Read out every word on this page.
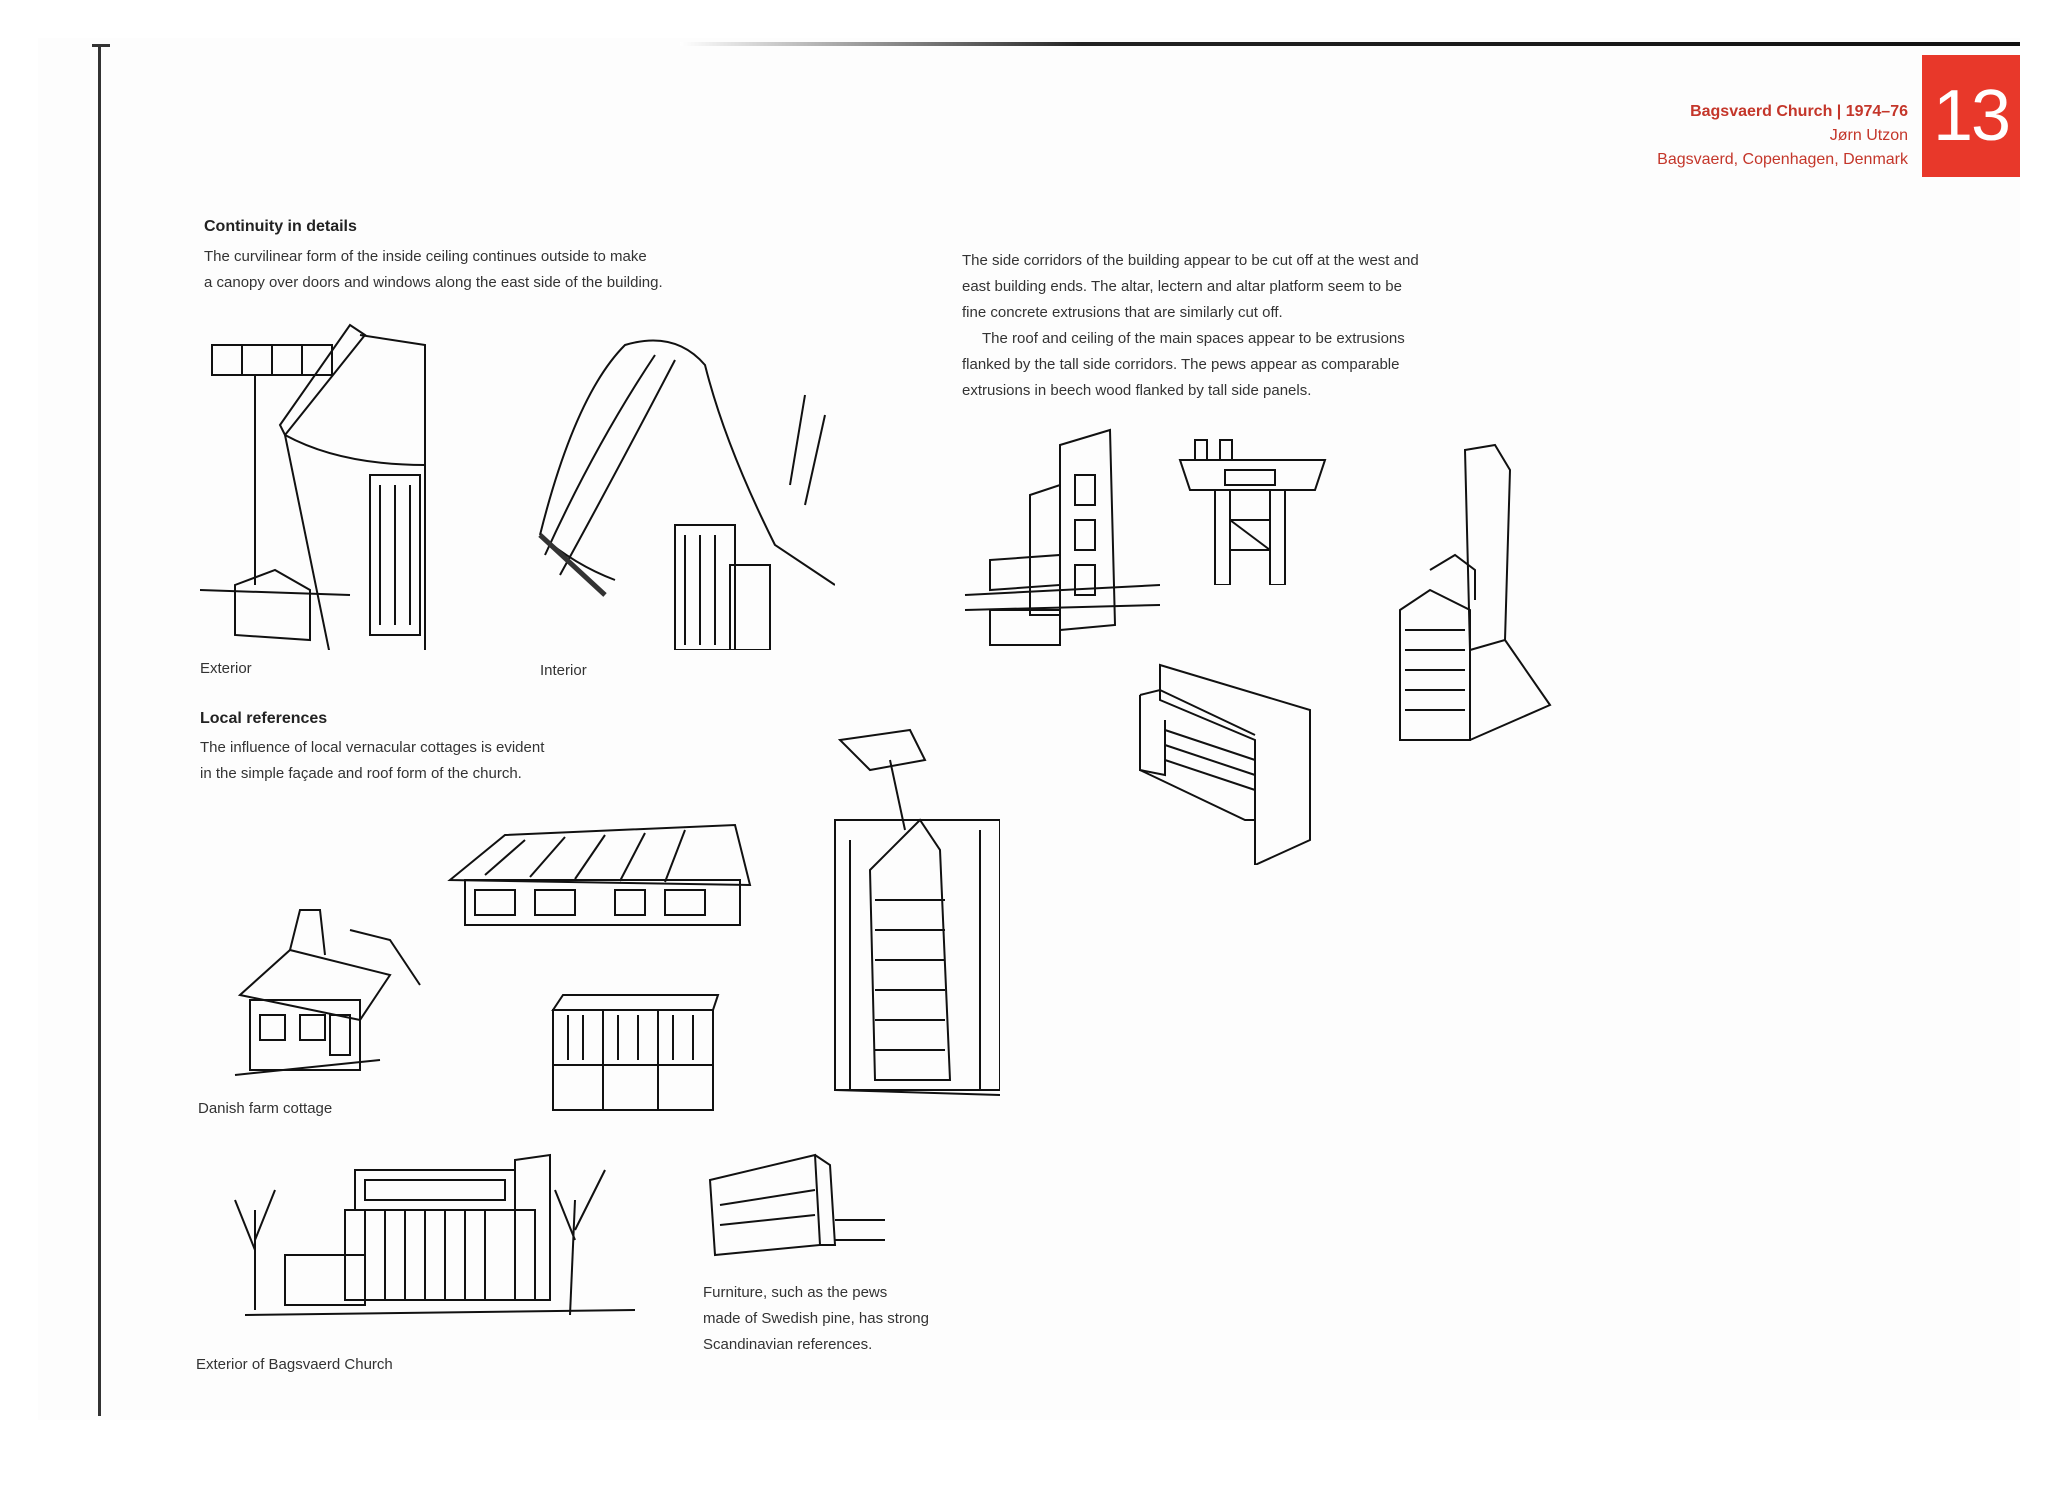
13
Bagsvaerd Church | 1974–76
Jørn Utzon
Bagsvaerd, Copenhagen, Denmark
Continuity in details
The curvilinear form of the inside ceiling continues outside to make
a canopy over doors and windows along the east side of the building.
Exterior	Interior
The side corridors of the building appear to be cut off at the west and
east building ends. The altar, lectern and altar platform seem to be
fine concrete extrusions that are similarly cut off.
The roof and ceiling of the main spaces appear to be extrusions
flanked by the tall side corridors. The pews appear as comparable
extrusions in beech wood flanked by tall side panels.
Local references
The influence of local vernacular cottages is evident
in the simple façade and roof form of the church.
Danish farm cottage
Exterior of Bagsvaerd Church
Furniture, such as the pews
made of Swedish pine, has strong
Scandinavian references.
